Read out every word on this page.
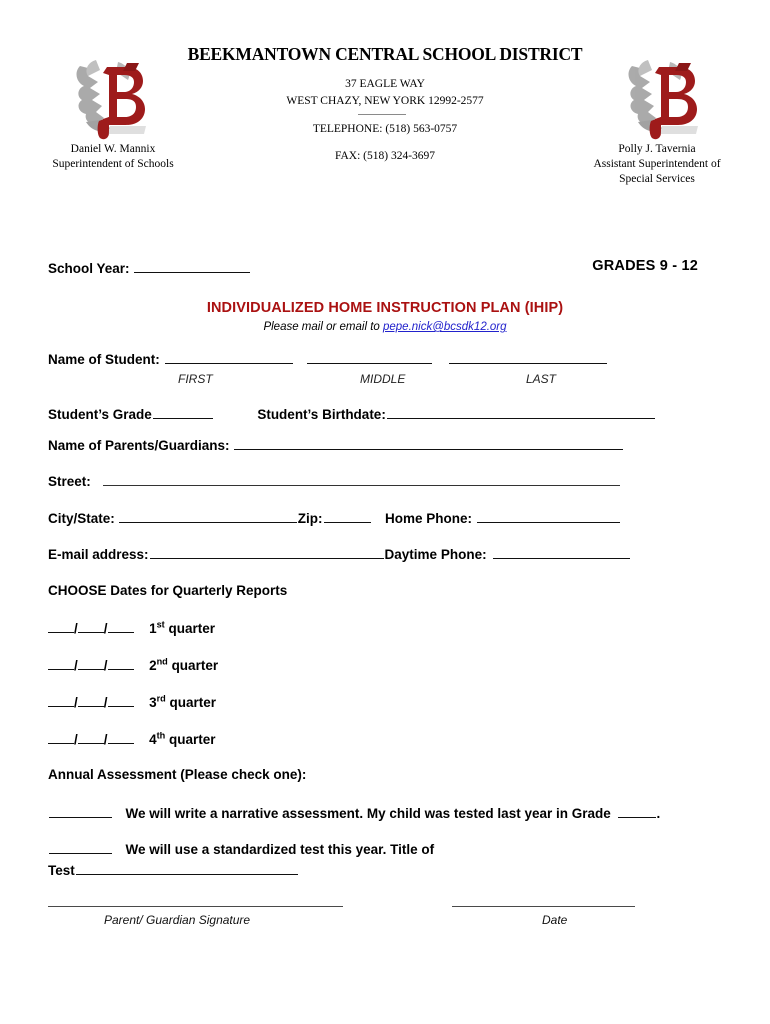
BEEKMANTOWN CENTRAL SCHOOL DISTRICT
37 EAGLE WAY
WEST CHAZY, NEW YORK 12992-2577
TELEPHONE: (518) 563-0757
FAX: (518) 324-3697
Daniel W. Mannix
Superintendent of Schools
Polly J. Tavernia
Assistant Superintendent of
Special Services
School Year:	GRADES 9 - 12
INDIVIDUALIZED HOME INSTRUCTION PLAN (IHIP)
Please mail or email to pepe.nick@bcsdk12.org
Name of Student:
FIRST	MIDDLE	LAST
Student’s Grade	Student’s Birthdate:
Name of Parents/Guardians:
Street:
City/State:	Zip:	Home Phone:
E-mail address:	Daytime Phone:
CHOOSE Dates for Quarterly Reports
/ /	1st quarter
/ /	2nd quarter
/ /	3rd quarter
/ /	4th quarter
Annual Assessment (Please check one):
We will write a narrative assessment. My child was tested last year in Grade	.
We will use a standardized test this year. Title of
Test
Parent/ Guardian Signature	Date
